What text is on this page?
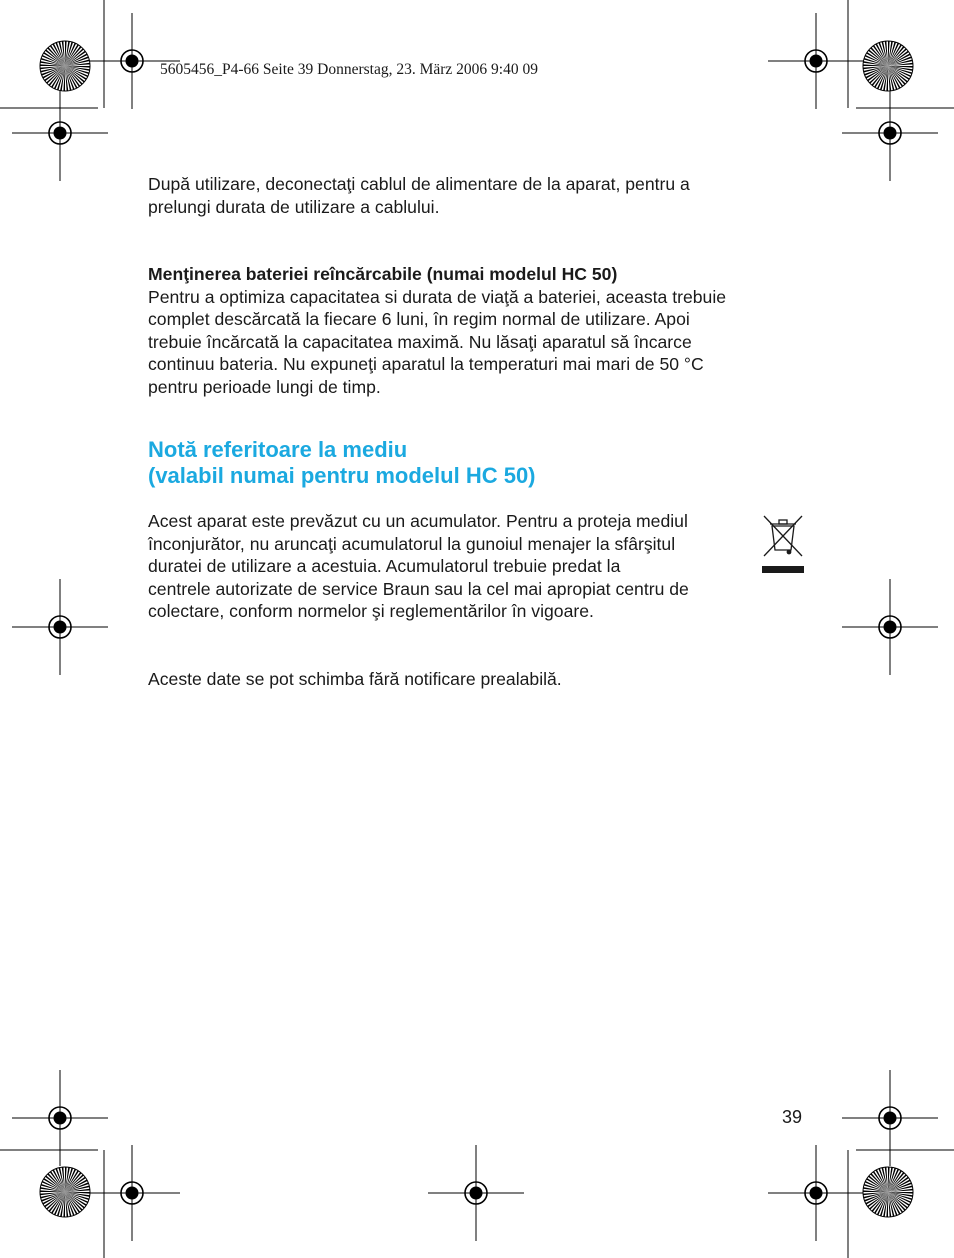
5605456_P4-66 Seite 39 Donnerstag, 23. März 2006 9:40 09

După utilizare, deconectaţi cablul de alimentare de la aparat, pentru a
prelungi durata de utilizare a cablului.

Menţinerea bateriei reîncărcabile (numai modelul HC 50)
Pentru a optimiza capacitatea si durata de viaţă a bateriei, aceasta trebuie
complet descărcată la fiecare 6 luni, în regim normal de utilizare. Apoi
trebuie încărcată la capacitatea maximă. Nu lăsaţi aparatul să încarce
continuu bateria. Nu expuneţi aparatul la temperaturi mai mari de 50 °C
pentru perioade lungi de timp.
Notă referitoare la mediu
(valabil numai pentru modelul HC 50)

Acest aparat este prevăzut cu un acumulator. Pentru a proteja mediul
înconjurător, nu aruncaţi acumulatorul la gunoiul menajer la sfârşitul
duratei de utilizare a acestuia. Acumulatorul trebuie predat la
centrele autorizate de service Braun sau la cel mai apropiat centru de
colectare, conform normelor şi reglementărilor în vigoare.

Aceste date se pot schimba fără notificare prealabilă.

39
